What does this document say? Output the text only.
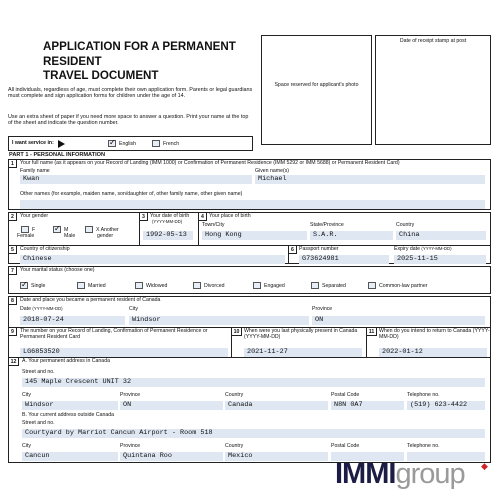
APPLICATION FOR A PERMANENT
RESIDENT
TRAVEL DOCUMENT
All individuals, regardless of age, must complete their own application form. Parents or legal guardians must complete and sign application forms for children under the age of 14.
Use an extra sheet of paper if you need more space to answer a question. Print your name at the top of the sheet and indicate the question number.
Space reserved for applicant's photo
Date of receipt stamp at post
I want service in:
✓	English	French
PART 1 - PERSONAL INFORMATION
1	Your full name (as it appears on your Record of Landing (IMM 1000) or Confirmation of Permanent Residence (IMM 5292 or IMM 5688) or Permanent Resident Card)
Family name
Kwan
Given name(s)
Michael
Other names (for example, maiden name, son/daughter of, other family name, other given name)
2	Your gender
F
Female
✓M
Male
X Another
gender
3 Your date of birth
(YYYY-MM-DD)
1992-05-13
4 Your place of birth
Town/City
Hong Kong
State/Province
S.A.R.
Country
China
5	Country of citizenship
Chinese
6 Passport number
G73624981
Expiry date (YYYY-MM-DD)
2025-11-15
7	Your marital status (choose one)
✓Single	Married	Widowed	Divorced	Engaged	Separated	Common-law partner
8	Date and place you became a permanent resident of Canada
Date (YYYY-MM-DD)
2018-07-24
City
Windsor
Province
ON
9	The number on your Record of Landing, Confirmation of Permanent Residence or Permanent Resident Card
LG6853520
10 When were you last physically present in Canada (YYYY-MM-DD)
2021-11-27
11 When do you intend to return to Canada (YYYY-MM-DD)
2022-01-12
12	A. Your permanent address in Canada
Street and no.
145 Maple Crescent UNIT 32
City
Windsor
Province
ON
Country
Canada
Postal Code
N8N 0A7
Telephone no.
(519) 623-4422
B. Your current address outside Canada
Street and no.
Courtyard by Marriot Cancun Airport - Room 518
City
Cancun
Province
Quintana Roo
Country
Mexico
Postal Code	Telephone no.
IMMIgroup ◆
